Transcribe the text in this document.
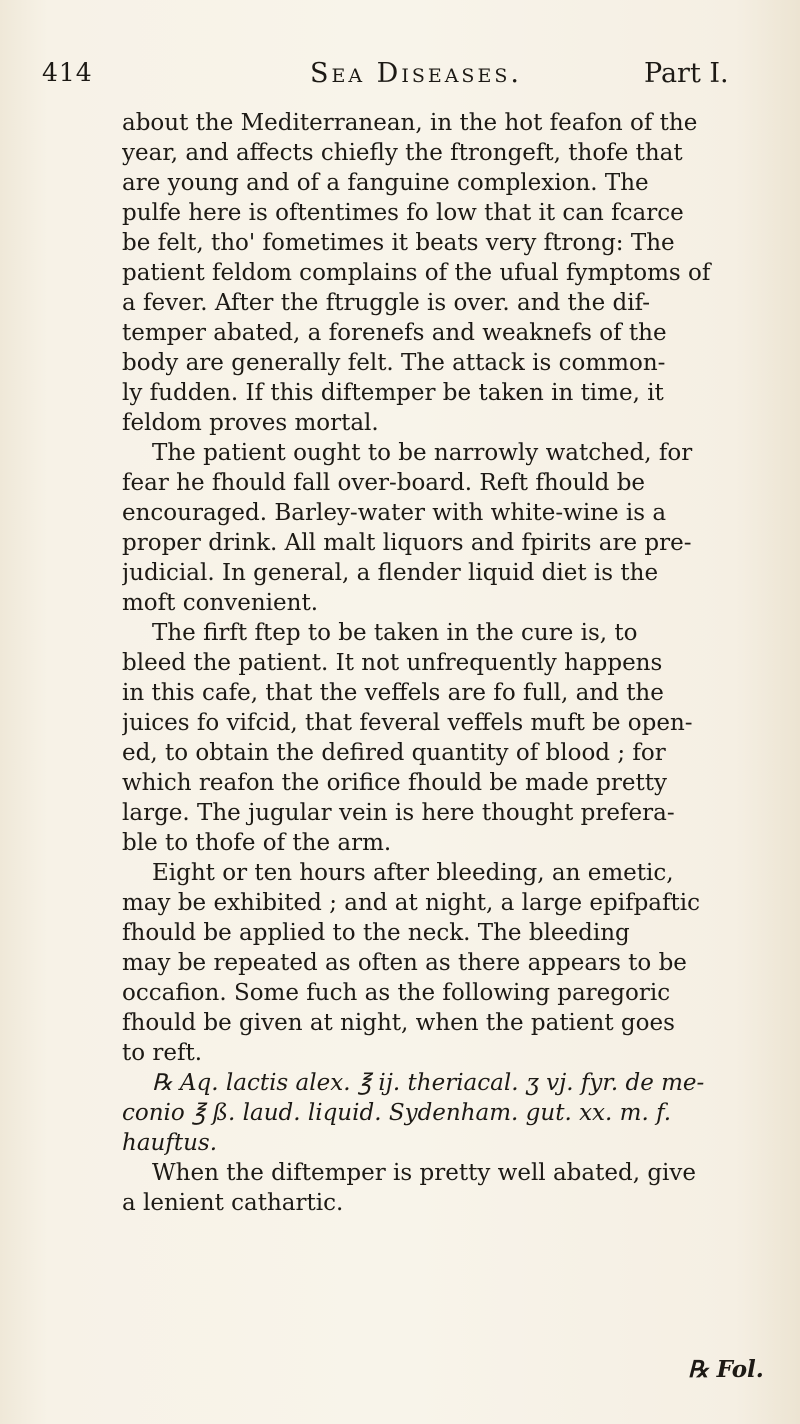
414	Sea Diseases.	Part I.
about the Mediterranean, in the hot feafon of the
year, and affects chiefly the ftrongeft, thofe that
are young and of a fanguine complexion. The
pulfe here is oftentimes fo low that it can fcarce
be felt, tho' fometimes it beats very ftrong: The
patient feldom complains of the ufual fymptoms of
a fever. After the ftruggle is over. and the dif-
temper abated, a forenefs and weaknefs of the
body are generally felt. The attack is common-
ly fudden. If this diftemper be taken in time, it
feldom proves mortal.
The patient ought to be narrowly watched, for
fear he fhould fall over-board. Reft fhould be
encouraged. Barley-water with white-wine is a
proper drink. All malt liquors and fpirits are pre-
judicial. In general, a flender liquid diet is the
moft convenient.
The firft ftep to be taken in the cure is, to
bleed the patient. It not unfrequently happens
in this cafe, that the veffels are fo full, and the
juices fo vifcid, that feveral veffels muft be open-
ed, to obtain the defired quantity of blood ; for
which reafon the orifice fhould be made pretty
large. The jugular vein is here thought prefera-
ble to thofe of the arm.
Eight or ten hours after bleeding, an emetic,
may be exhibited ; and at night, a large epifpaftic
fhould be applied to the neck. The bleeding
may be repeated as often as there appears to be
occafion. Some fuch as the following paregoric
fhould be given at night, when the patient goes
to reft.
℞ Aq. lactis alex. ℥ ij. theriacal. ʒ vj. fyr. de me-
conio ℥ ß. laud. liquid. Sydenham. gut. xx. m. f.
hauftus.
When the diftemper is pretty well abated, give
a lenient cathartic.
℞ Fol.
